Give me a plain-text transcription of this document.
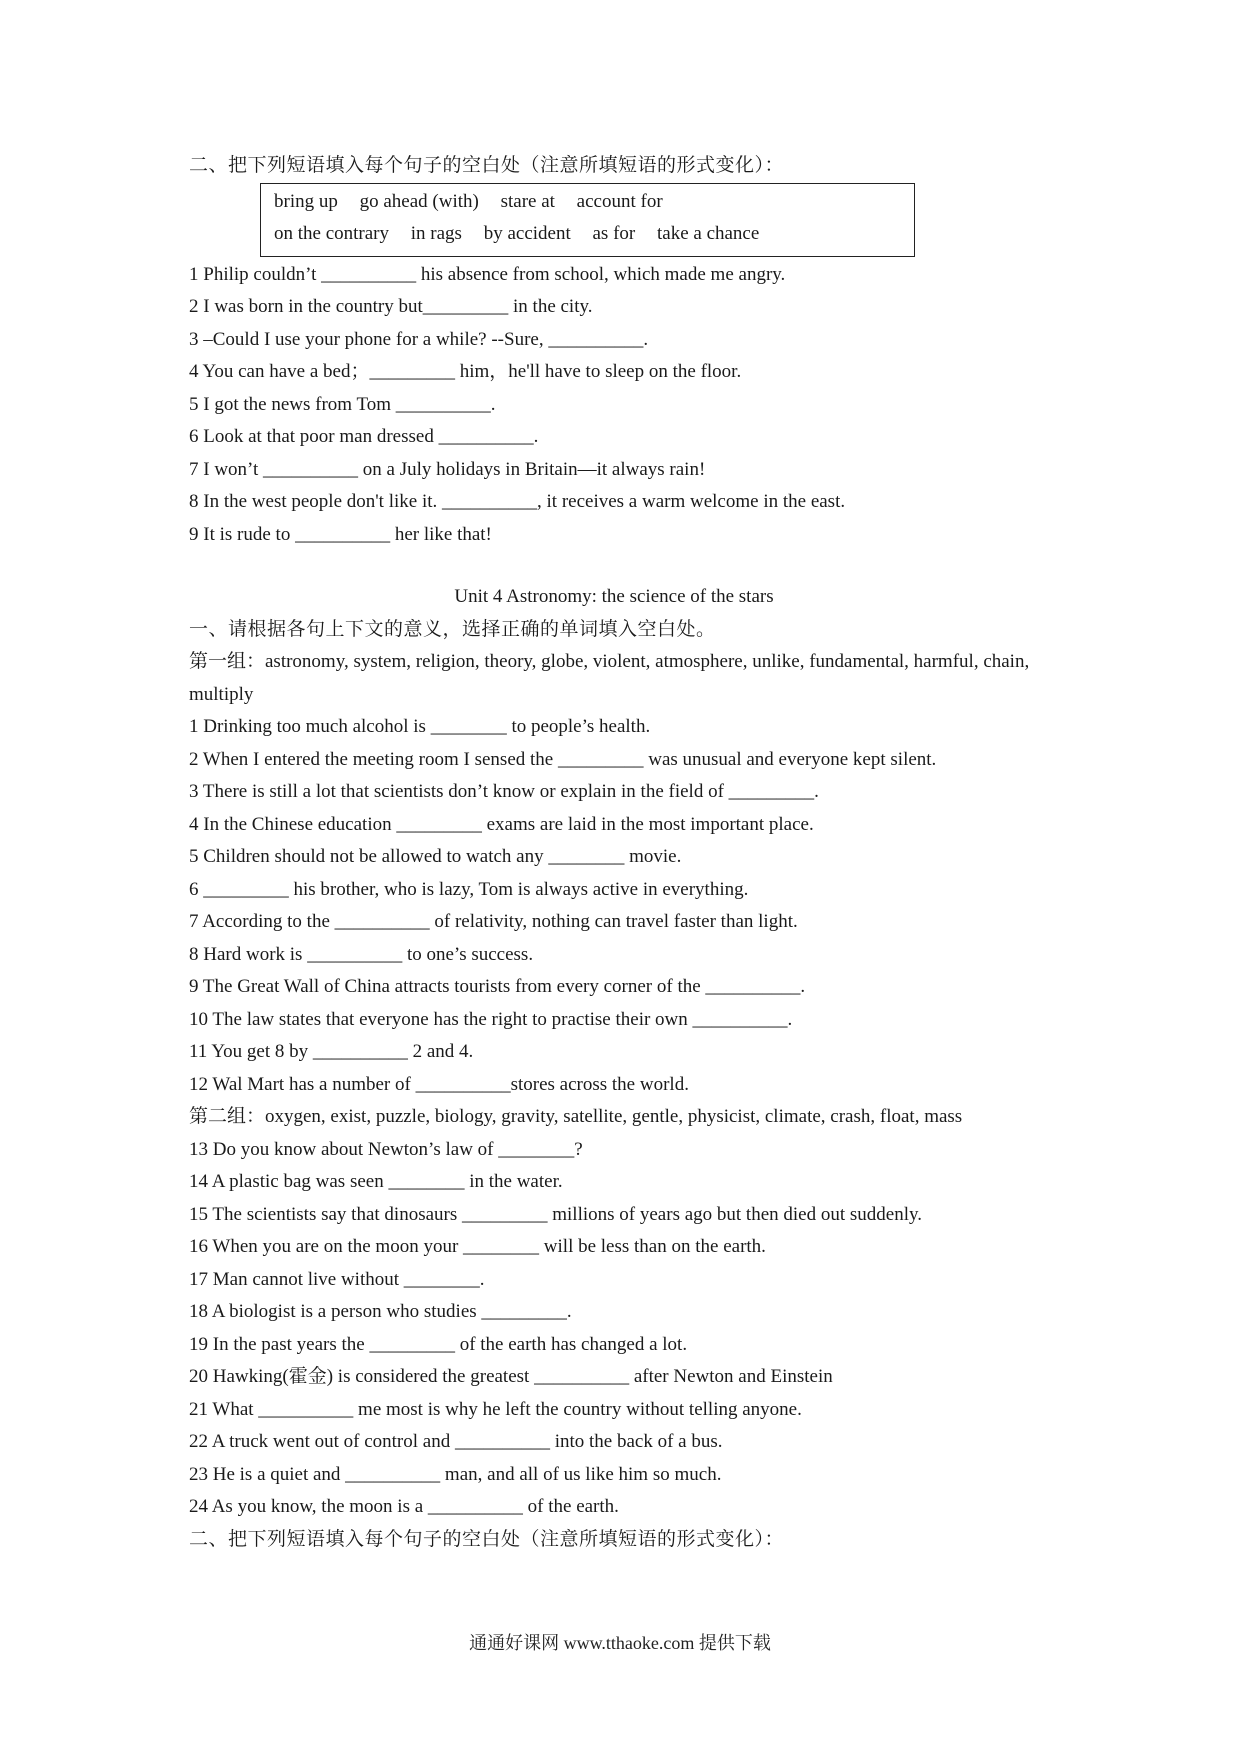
二、把下列短语填入每个句子的空白处（注意所填短语的形式变化）：
bring up go ahead (with) stare at account for
on the contrary in rags by accident as for take a chance
1 Philip couldn’t __________ his absence from school, which made me angry.
2 I was born in the country but_________ in the city.
3 –Could I use your phone for a while? --Sure, __________.
4 You can have a bed；_________ him，he'll have to sleep on the floor.
5 I got the news from Tom __________.
6 Look at that poor man dressed __________.
7 I won’t __________ on a July holidays in Britain—it always rain!
8 In the west people don't like it. __________, it receives a warm welcome in the east.
9 It is rude to __________ her like that!
Unit 4 Astronomy: the science of the stars
一、请根据各句上下文的意义，选择正确的单词填入空白处。
第一组：astronomy, system, religion, theory, globe, violent, atmosphere, unlike, fundamental, harmful, chain, multiply
1 Drinking too much alcohol is ________ to people’s health.
2 When I entered the meeting room I sensed the _________ was unusual and everyone kept silent.
3 There is still a lot that scientists don’t know or explain in the field of _________.
4 In the Chinese education _________ exams are laid in the most important place.
5 Children should not be allowed to watch any ________ movie.
6 _________ his brother, who is lazy, Tom is always active in everything.
7 According to the __________ of relativity, nothing can travel faster than light.
8 Hard work is __________ to one’s success.
9 The Great Wall of China attracts tourists from every corner of the __________.
10 The law states that everyone has the right to practise their own __________.
11 You get 8 by __________ 2 and 4.
12 Wal Mart has a number of __________stores across the world.
第二组：oxygen, exist, puzzle, biology, gravity, satellite, gentle, physicist, climate, crash, float, mass
13 Do you know about Newton’s law of ________?
14 A plastic bag was seen ________ in the water.
15 The scientists say that dinosaurs _________ millions of years ago but then died out suddenly.
16 When you are on the moon your ________ will be less than on the earth.
17 Man cannot live without ________.
18 A biologist is a person who studies _________.
19 In the past years the _________ of the earth has changed a lot.
20 Hawking(霍金) is considered the greatest __________ after Newton and Einstein
21 What __________ me most is why he left the country without telling anyone.
22 A truck went out of control and __________ into the back of a bus.
23 He is a quiet and __________ man, and all of us like him so much.
24 As you know, the moon is a __________ of the earth.
二、把下列短语填入每个句子的空白处（注意所填短语的形式变化）：
通通好课网 www.tthaoke.com 提供下载
